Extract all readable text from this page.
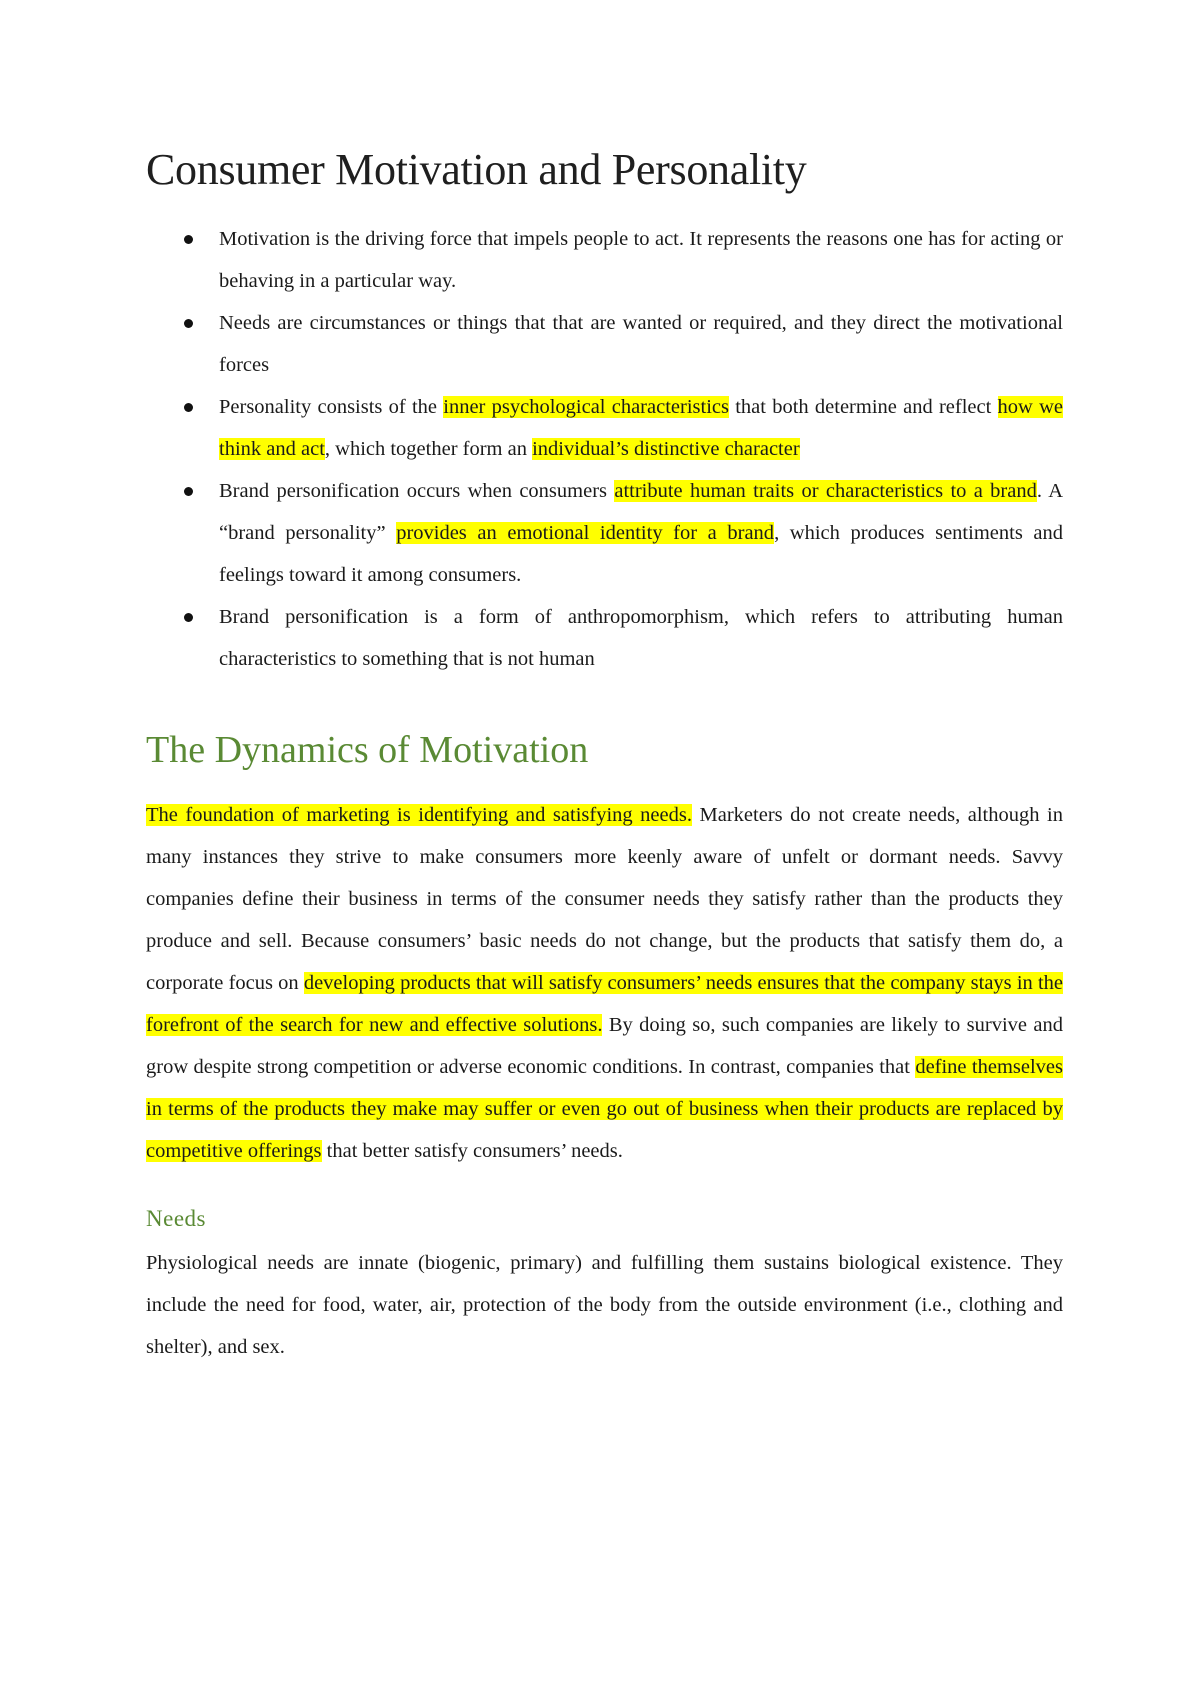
Consumer Motivation and Personality
Motivation is the driving force that impels people to act. It represents the reasons one has for acting or behaving in a particular way.
Needs are circumstances or things that that are wanted or required, and they direct the motivational forces
Personality consists of the inner psychological characteristics that both determine and reflect how we think and act, which together form an individual’s distinctive character
Brand personification occurs when consumers attribute human traits or characteristics to a brand. A “brand personality” provides an emotional identity for a brand, which produces sentiments and feelings toward it among consumers.
Brand personification is a form of anthropomorphism, which refers to attributing human characteristics to something that is not human
The Dynamics of Motivation

The foundation of marketing is identifying and satisfying needs. Marketers do not create needs, although in many instances they strive to make consumers more keenly aware of unfelt or dormant needs. Savvy companies define their business in terms of the consumer needs they satisfy rather than the products they produce and sell. Because consumers’ basic needs do not change, but the products that satisfy them do, a corporate focus on developing products that will satisfy consumers’ needs ensures that the company stays in the forefront of the search for new and effective solutions. By doing so, such companies are likely to survive and grow despite strong competition or adverse economic conditions. In contrast, companies that define themselves in terms of the products they make may suffer or even go out of business when their products are replaced by competitive offerings that better satisfy consumers’ needs.

Needs

Physiological needs are innate (biogenic, primary) and fulfilling them sustains biological existence. They include the need for food, water, air, protection of the body from the outside environment (i.e., clothing and shelter), and sex.
